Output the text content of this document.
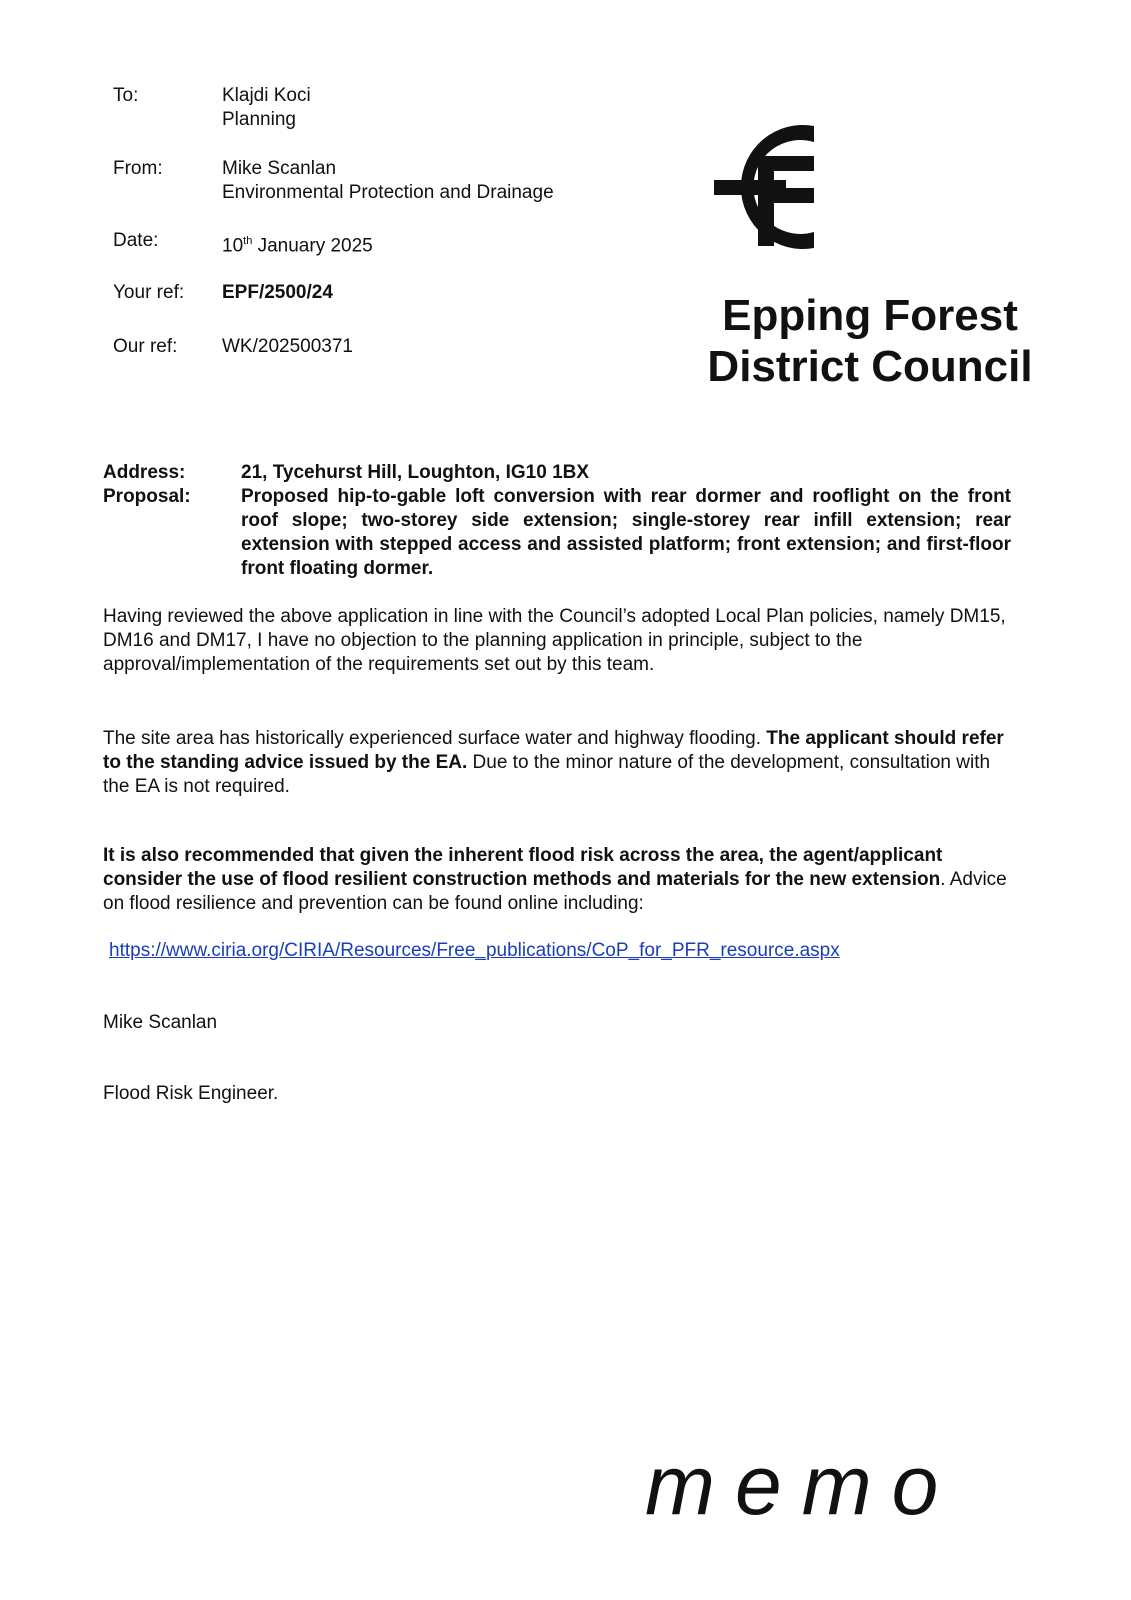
To:	Klajdi Koci
Planning
From:	Mike Scanlan
Environmental Protection and Drainage
Date:	10th January 2025
Your ref: EPF/2500/24
Our ref: WK/202500371
Epping Forest
District Council
Address:	21, Tycehurst Hill, Loughton, IG10 1BX
Proposal:	Proposed hip-to-gable loft conversion with rear dormer and rooflight on the front roof slope; two-storey side extension; single-storey rear infill extension; rear extension with stepped access and assisted platform; front extension; and first-floor front floating dormer.
Having reviewed the above application in line with the Council’s adopted Local Plan policies, namely DM15, DM16 and DM17, I have no objection to the planning application in principle, subject to the approval/implementation of the requirements set out by this team.
The site area has historically experienced surface water and highway flooding. The applicant should refer to the standing advice issued by the EA. Due to the minor nature of the development, consultation with the EA is not required.
It is also recommended that given the inherent flood risk across the area, the agent/applicant consider the use of flood resilient construction methods and materials for the new extension. Advice on flood resilience and prevention can be found online including:
https://www.ciria.org/CIRIA/Resources/Free_publications/CoP_for_PFR_resource.aspx
Mike Scanlan
Flood Risk Engineer.
memo
